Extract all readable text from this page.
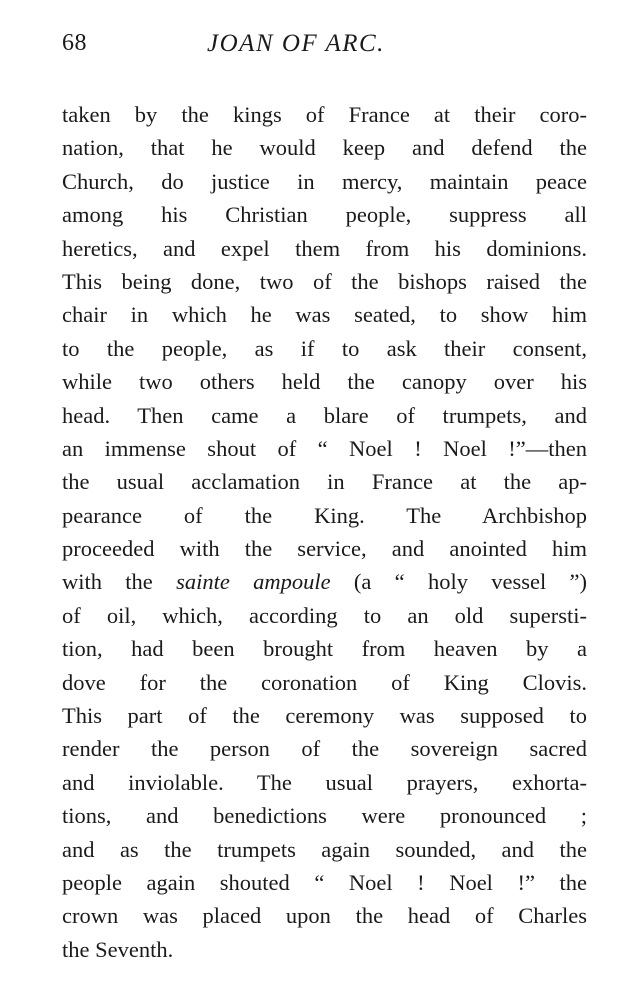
68	JOAN OF ARC.
taken by the kings of France at their coro-
nation, that he would keep and defend the
Church, do justice in mercy, maintain peace
among his Christian people, suppress all
heretics, and expel them from his dominions.
This being done, two of the bishops raised the
chair in which he was seated, to show him
to the people, as if to ask their consent,
while two others held the canopy over his
head. Then came a blare of trumpets, and
an immense shout of “ Noel ! Noel !”—then
the usual acclamation in France at the ap-
pearance of the King. The Archbishop
proceeded with the service, and anointed him
with the sainte ampoule (a “ holy vessel ”)
of oil, which, according to an old supersti-
tion, had been brought from heaven by a
dove for the coronation of King Clovis.
This part of the ceremony was supposed to
render the person of the sovereign sacred
and inviolable. The usual prayers, exhorta-
tions, and benedictions were pronounced ;
and as the trumpets again sounded, and the
people again shouted “ Noel ! Noel !” the
crown was placed upon the head of Charles
the Seventh.
